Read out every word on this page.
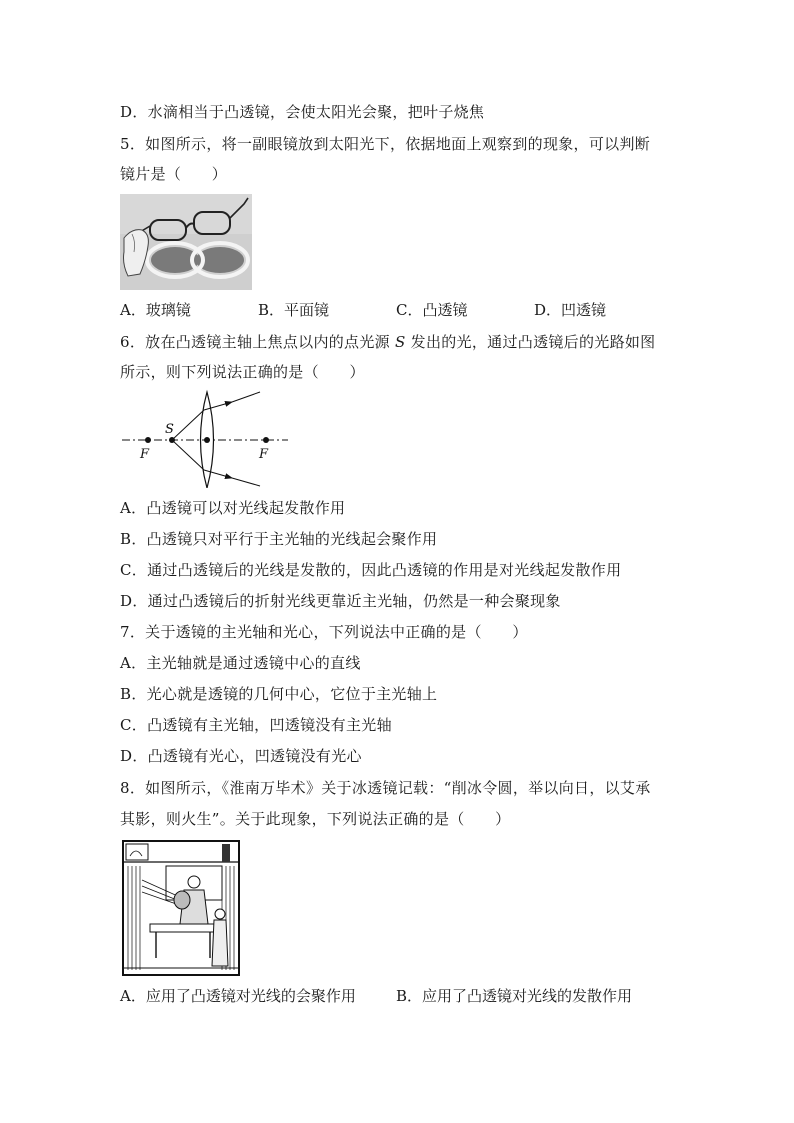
D．水滴相当于凸透镜，会使太阳光会聚，把叶子烧焦
5．如图所示，将一副眼镜放到太阳光下，依据地面上观察到的现象，可以判断
镜片是（　　）
A．玻璃镜	B．平面镜	C．凸透镜	D．凹透镜
6．放在凸透镜主轴上焦点以内的点光源 S 发出的光，通过凸透镜后的光路如图
所示，则下列说法正确的是（　　）
S
F	F
A．凸透镜可以对光线起发散作用
B．凸透镜只对平行于主光轴的光线起会聚作用
C．通过凸透镜后的光线是发散的，因此凸透镜的作用是对光线起发散作用
D．通过凸透镜后的折射光线更靠近主光轴，仍然是一种会聚现象
7．关于透镜的主光轴和光心，下列说法中正确的是（　　）
A．主光轴就是通过透镜中心的直线
B．光心就是透镜的几何中心，它位于主光轴上
C．凸透镜有主光轴，凹透镜没有主光轴
D．凸透镜有光心，凹透镜没有光心
8．如图所示，《淮南万毕术》关于冰透镜记载：“削冰令圆，举以向日，以艾承
其影，则火生”。关于此现象，下列说法正确的是（　　）
A．应用了凸透镜对光线的会聚作用	B．应用了凸透镜对光线的发散作用
